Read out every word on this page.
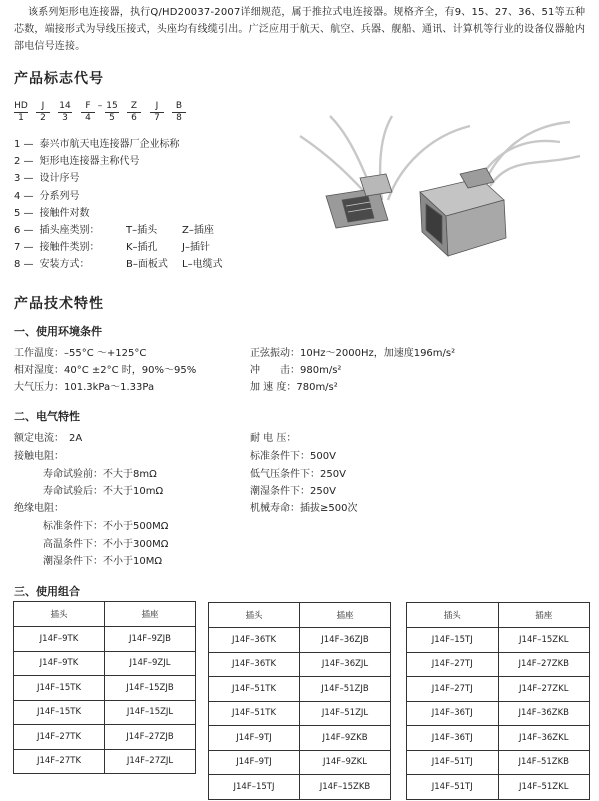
该系列矩形电连接器，执行Q/HD20037-2007详细规范，属于推拉式电连接器。规格齐全，有9、15、27、36、51等五种芯数，端接形式为导线压接式，头座均有线缆引出。广泛应用于航天、航空、兵器、舰船、通讯、计算机等行业的设备仪器舱内部电信号连接。
产品标志代号
HD	J	14	F – 15	Z	J	B
1	2	3	4	5	6	7	8
1 — 泰兴市航天电连接器厂企业标称
2 — 矩形电连接器主称代号
3 — 设计序号
4 — 分系列号
5 — 接触件对数
6 — 插头座类别：	T–插头 Z–插座
7 — 接触件类别：	K–插孔 J–插针
8 — 安装方式：	B–面板式 L–电缆式
产品技术特性
一、使用环境条件
工作温度：–55°C ～+125°C
相对湿度：40°C ±2°C 时，90%～95%
大气压力：101.3kPa～1.33Pa
正弦振动：10Hz～2000Hz，加速度196m/s²
冲　　击：980m/s²
加 速 度：780m/s²
二、电气特性
额定电流：　2A
接触电阻：
寿命试验前：不大于8mΩ
寿命试验后：不大于10mΩ
绝缘电阻：
标准条件下：不小于500MΩ
高温条件下：不小于300MΩ
潮湿条件下：不小于10MΩ
耐 电 压：
标准条件下：500V
低气压条件下：250V
潮湿条件下：250V
机械寿命：插拔≥500次
三、使用组合
插头	插座
J14F–9TK	J14F–9ZJB
J14F–9TK	J14F–9ZJL
J14F–15TK	J14F–15ZJB
J14F–15TK	J14F–15ZJL
J14F–27TK	J14F–27ZJB
J14F–27TK	J14F–27ZJL
插头	插座
J14F–36TK	J14F–36ZJB
J14F–36TK	J14F–36ZJL
J14F–51TK	J14F–51ZJB
J14F–51TK	J14F–51ZJL
J14F–9TJ	J14F–9ZKB
J14F–9TJ	J14F–9ZKL
J14F–15TJ	J14F–15ZKB
插头	插座
J14F–15TJ	J14F–15ZKL
J14F–27TJ	J14F–27ZKB
J14F–27TJ	J14F–27ZKL
J14F–36TJ	J14F–36ZKB
J14F–36TJ	J14F–36ZKL
J14F–51TJ	J14F–51ZKB
J14F–51TJ	J14F–51ZKL
